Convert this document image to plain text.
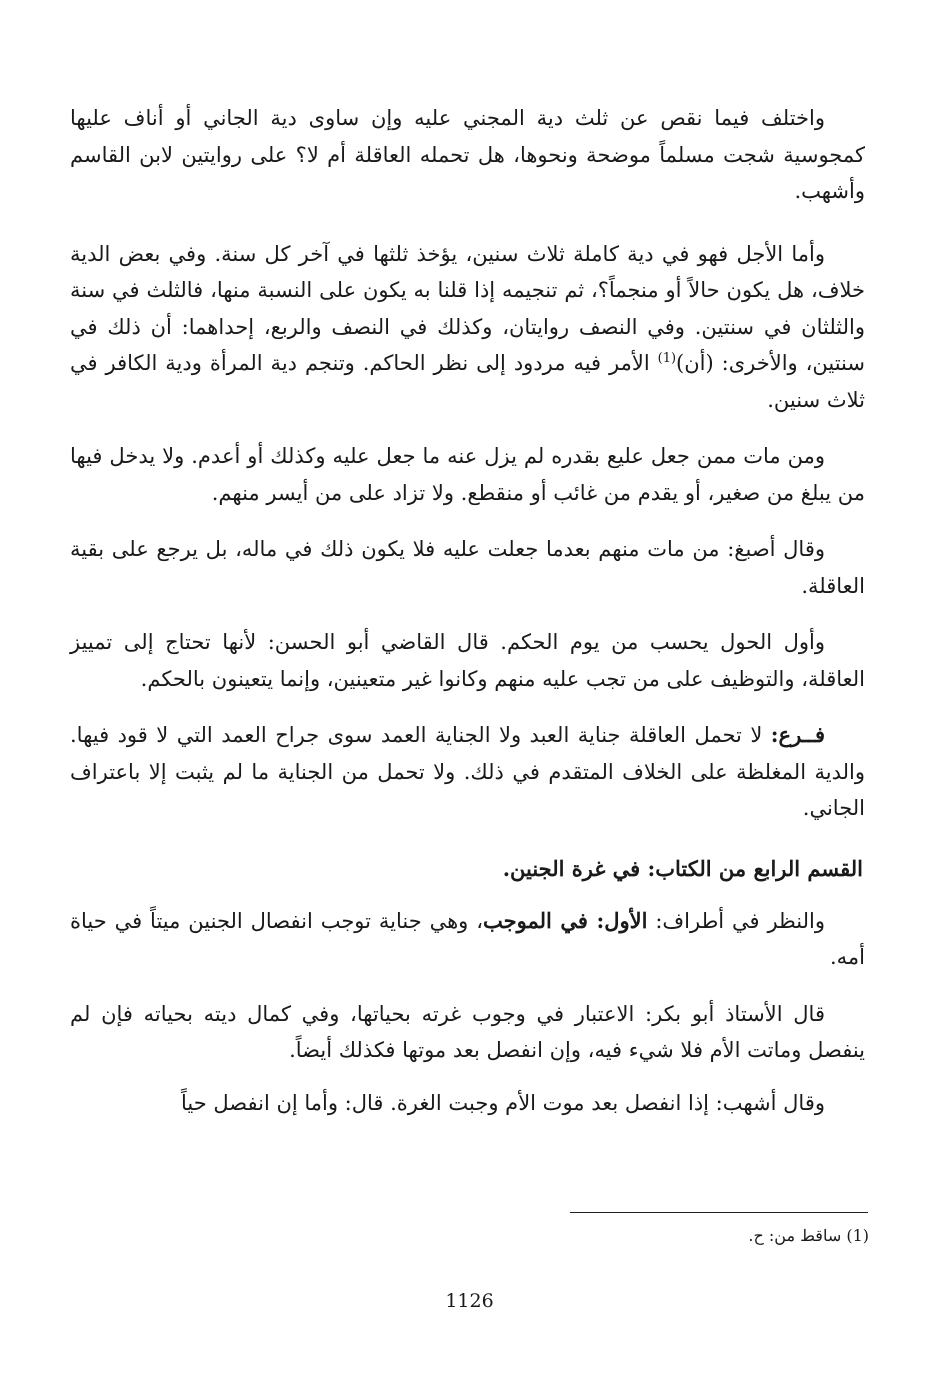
واختلف فيما نقص عن ثلث دية المجني عليه وإن ساوى دية الجاني أو أناف عليها كمجوسية شجت مسلماً موضحة ونحوها، هل تحمله العاقلة أم لا؟ على روايتين لابن القاسم وأشهب.

وأما الأجل فهو في دية كاملة ثلاث سنين، يؤخذ ثلثها في آخر كل سنة. وفي بعض الدية خلاف، هل يكون حالاً أو منجماً؟، ثم تنجيمه إذا قلنا به يكون على النسبة منها، فالثلث في سنة والثلثان في سنتين. وفي النصف روايتان، وكذلك في النصف والربع، إحداهما: أن ذلك في سنتين، والأخرى: (أن)$^{(1)}$ الأمر فيه مردود إلى نظر الحاكم. وتنجم دية المرأة ودية الكافر في ثلاث سنين.

ومن مات ممن جعل عليع بقدره لم يزل عنه ما جعل عليه وكذلك أو أعدم. ولا يدخل فيها من يبلغ من صغير، أو يقدم من غائب أو منقطع. ولا تزاد على من أيسر منهم.

وقال أصبغ: من مات منهم بعدما جعلت عليه فلا يكون ذلك في ماله، بل يرجع على بقية العاقلة.

وأول الحول يحسب من يوم الحكم. قال القاضي أبو الحسن: لأنها تحتاج إلى تمييز العاقلة، والتوظيف على من تجب عليه منهم وكانوا غير متعينين، وإنما يتعينون بالحكم.

فــرع: لا تحمل العاقلة جناية العبد ولا الجناية العمد سوى جراح العمد التي لا قود فيها. والدية المغلظة على الخلاف المتقدم في ذلك. ولا تحمل من الجناية ما لم يثبت إلا باعتراف الجاني.

القسم الرابع من الكتاب: في غرة الجنين.

والنظر في أطراف: الأول: في الموجب، وهي جناية توجب انفصال الجنين ميتاً في حياة أمه.

قال الأستاذ أبو بكر: الاعتبار في وجوب غرته بحياتها، وفي كمال ديته بحياته فإن لم ينفصل وماتت الأم فلا شيء فيه، وإن انفصل بعد موتها فكذلك أيضاً.

وقال أشهب: إذا انفصل بعد موت الأم وجبت الغرة. قال: وأما إن انفصل حياً

(1) ساقط من: ح.
1126
